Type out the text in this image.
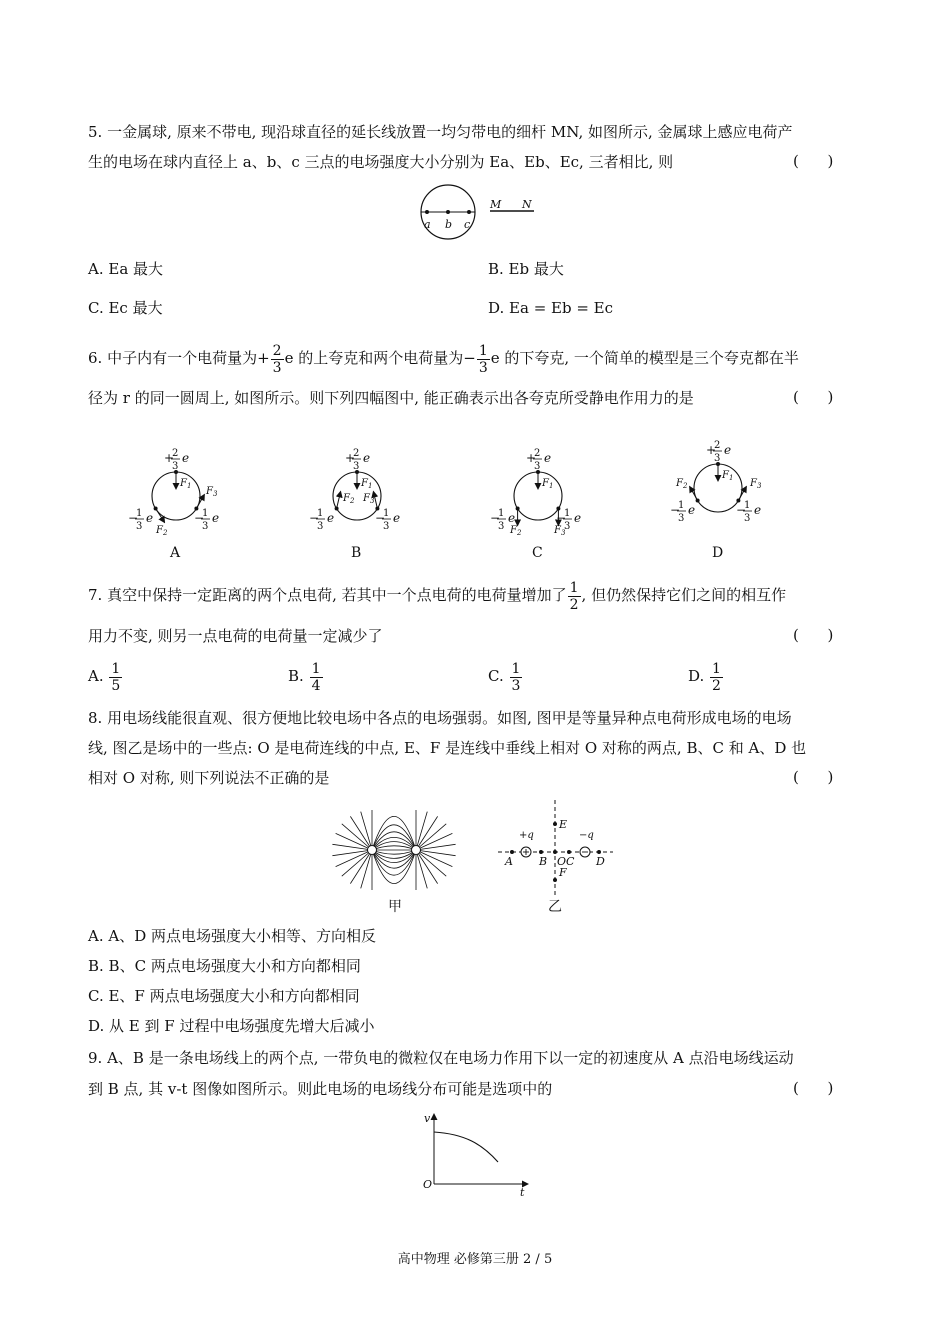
5. 一金属球, 原来不带电, 现沿球直径的延长线放置一均匀带电的细杆 MN, 如图所示, 金属球上感应电荷产
生的电场在球内直径上 a、b、c 三点的电场强度大小分别为 Ea、Eb、Ec, 三者相比, 则	(      )
a b c
M N
A. Ea 最大	B. Eb 最大
C. Ec 最大	D. Ea = Eb = Ec
6. 中子内有一个电荷量为+ $\frac{2}{3}$ e 的上夸克和两个电荷量为− $\frac{1}{3}$ e 的下夸克, 一个简单的模型是三个夸克都在半
径为 r 的同一圆周上, 如图所示。则下列四幅图中, 能正确表示出各夸克所受静电作用力的是	(      )
+
2
3
e
−
1
3
e	−
1
3
e
$F_1$
$F_2$
$F_3$
+
2
3
e
−
1
3
e	−
1
3
e
$F_1$
$F_2$ $F_3$
+
2
3
e
−
1
3
e	−
1
3
e
$F_1$
$F_2$	$F_3$
+
2
3
e
−
1
3
e	−
1
3
e
$F_1$
$F_2$	$F_3$
A	B	C	D
7. 真空中保持一定距离的两个点电荷, 若其中一个点电荷的电荷量增加了 $\frac{1}{2}$ , 但仍然保持它们之间的相互作
用力不变, 则另一点电荷的电荷量一定减少了	(      )
A. $\frac{1}{5}$	B. $\frac{1}{4}$	C. $\frac{1}{3}$	D. $\frac{1}{2}$
8. 用电场线能很直观、很方便地比较电场中各点的电场强弱。如图, 图甲是等量异种点电荷形成电场的电场
线, 图乙是场中的一些点: O 是电荷连线的中点, E、F 是连线中垂线上相对 O 对称的两点, B、C 和 A、D 也
相对 O 对称, 则下列说法不正确的是	(      )
甲
+q	−q
A B O C D
E
F
乙
A. A、D 两点电场强度大小相等、方向相反
B. B、C 两点电场强度大小和方向都相同
C. E、F 两点电场强度大小和方向都相同
D. 从 E 到 F 过程中电场强度先增大后减小
9. A、B 是一条电场线上的两个点, 一带负电的微粒仅在电场力作用下以一定的初速度从 A 点沿电场线运动
到 B 点, 其 v-t 图像如图所示。则此电场的电场线分布可能是选项中的	(      )
v
O
t
高中物理 必修第三册 2 / 5
